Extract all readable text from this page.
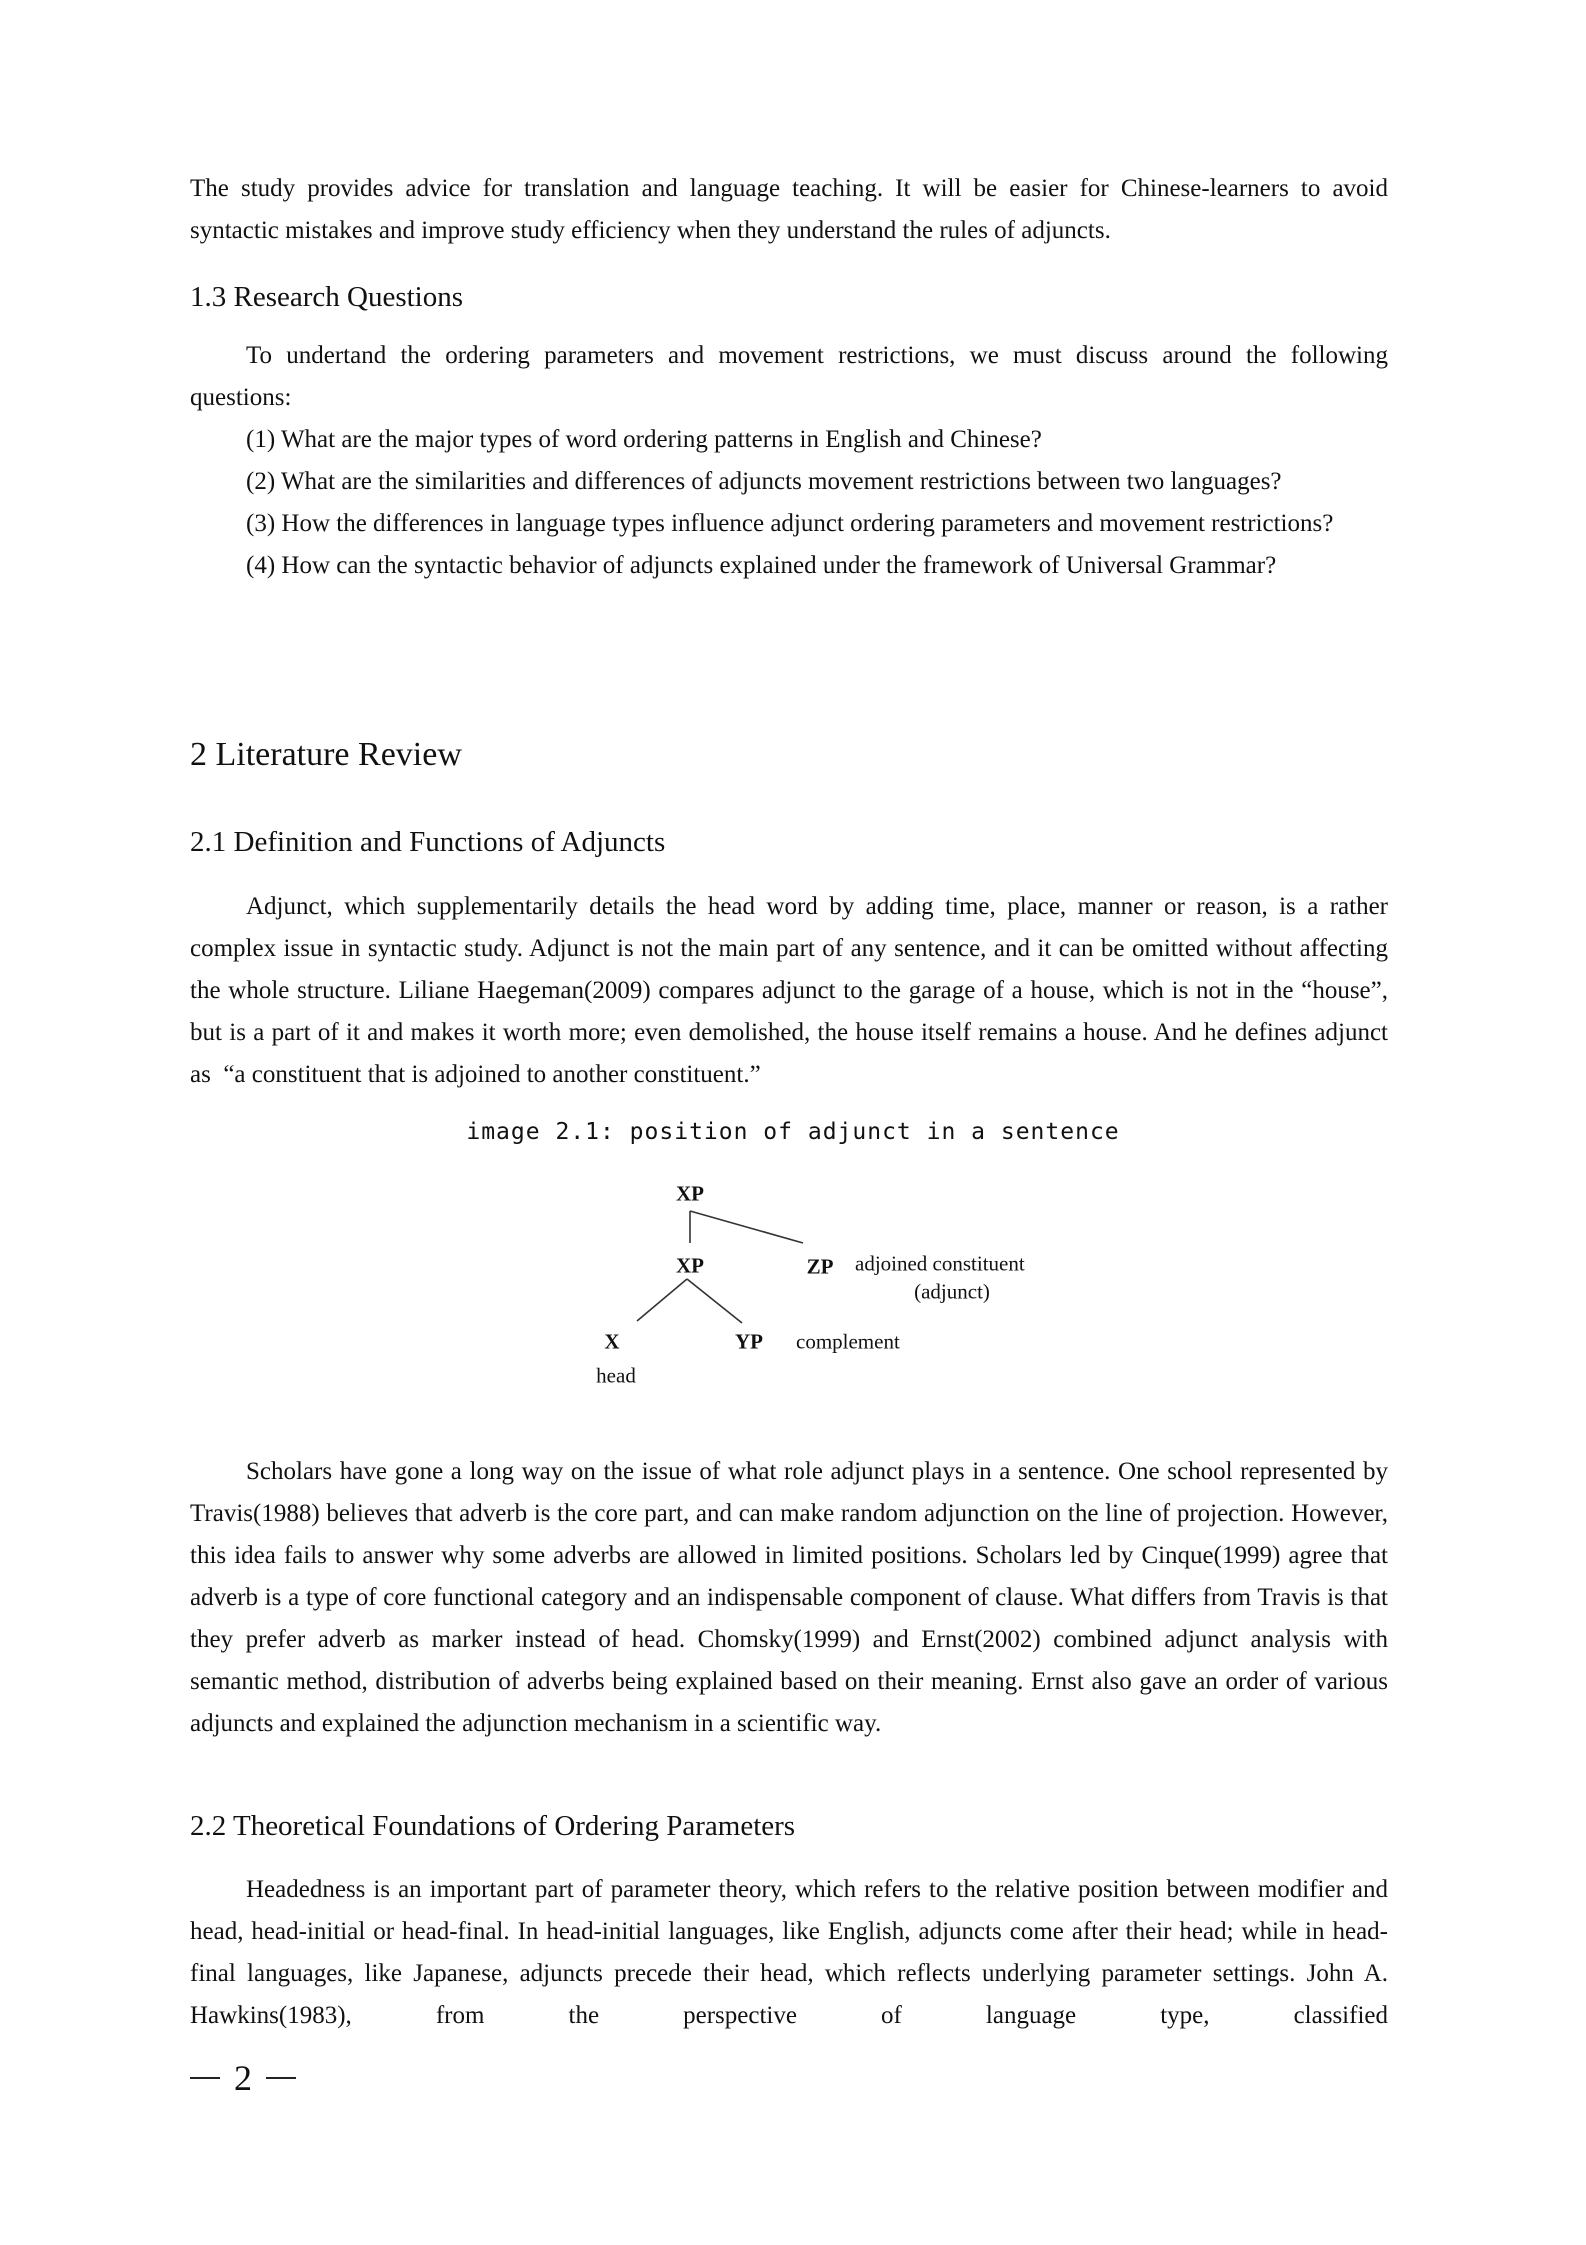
The study provides advice for translation and language teaching. It will be easier for Chinese-learners to avoid syntactic mistakes and improve study efficiency when they understand the rules of adjuncts.

1.3 Research Questions

To undertand the ordering parameters and movement restrictions, we must discuss around the following questions:

(1) What are the major types of word ordering patterns in English and Chinese?

(2) What are the similarities and differences of adjuncts movement restrictions between two languages?

(3) How the differences in language types influence adjunct ordering parameters and movement restrictions?

(4) How can the syntactic behavior of adjuncts explained under the framework of Universal Grammar?

2 Literature Review
2.1 Definition and Functions of Adjuncts

Adjunct, which supplementarily details the head word by adding time, place, manner or reason, is a rather complex issue in syntactic study. Adjunct is not the main part of any sentence, and it can be omitted without affecting the whole structure. Liliane Haegeman(2009) compares adjunct to the garage of a house, which is not in the “house”, but is a part of it and makes it worth more; even demolished, the house itself remains a house. And he defines adjunct as  “a constituent that is adjoined to another constituent.”

image 2.1: position of adjunct in a sentence
XP
XP	ZP adjoined constituent
(adjunct)
X	YP complement
head

Scholars have gone a long way on the issue of what role adjunct plays in a sentence. One school represented by Travis(1988) believes that adverb is the core part, and can make random adjunction on the line of projection. However, this idea fails to answer why some adverbs are allowed in limited positions. Scholars led by Cinque(1999) agree that adverb is a type of core functional category and an indispensable component of clause. What differs from Travis is that they prefer adverb as marker instead of head. Chomsky(1999) and Ernst(2002) combined adjunct analysis with semantic method, distribution of adverbs being explained based on their meaning. Ernst also gave an order of various adjuncts and explained the adjunction mechanism in a scientific way.

2.2 Theoretical Foundations of Ordering Parameters

Headedness is an important part of parameter theory, which refers to the relative position between modifier and head, head-initial or head-final. In head-initial languages, like English, adjuncts come after their head; while in head-final languages, like Japanese, adjuncts precede their head, which reflects underlying parameter settings. John A. Hawkins(1983), from the perspective of language type, classified

2
